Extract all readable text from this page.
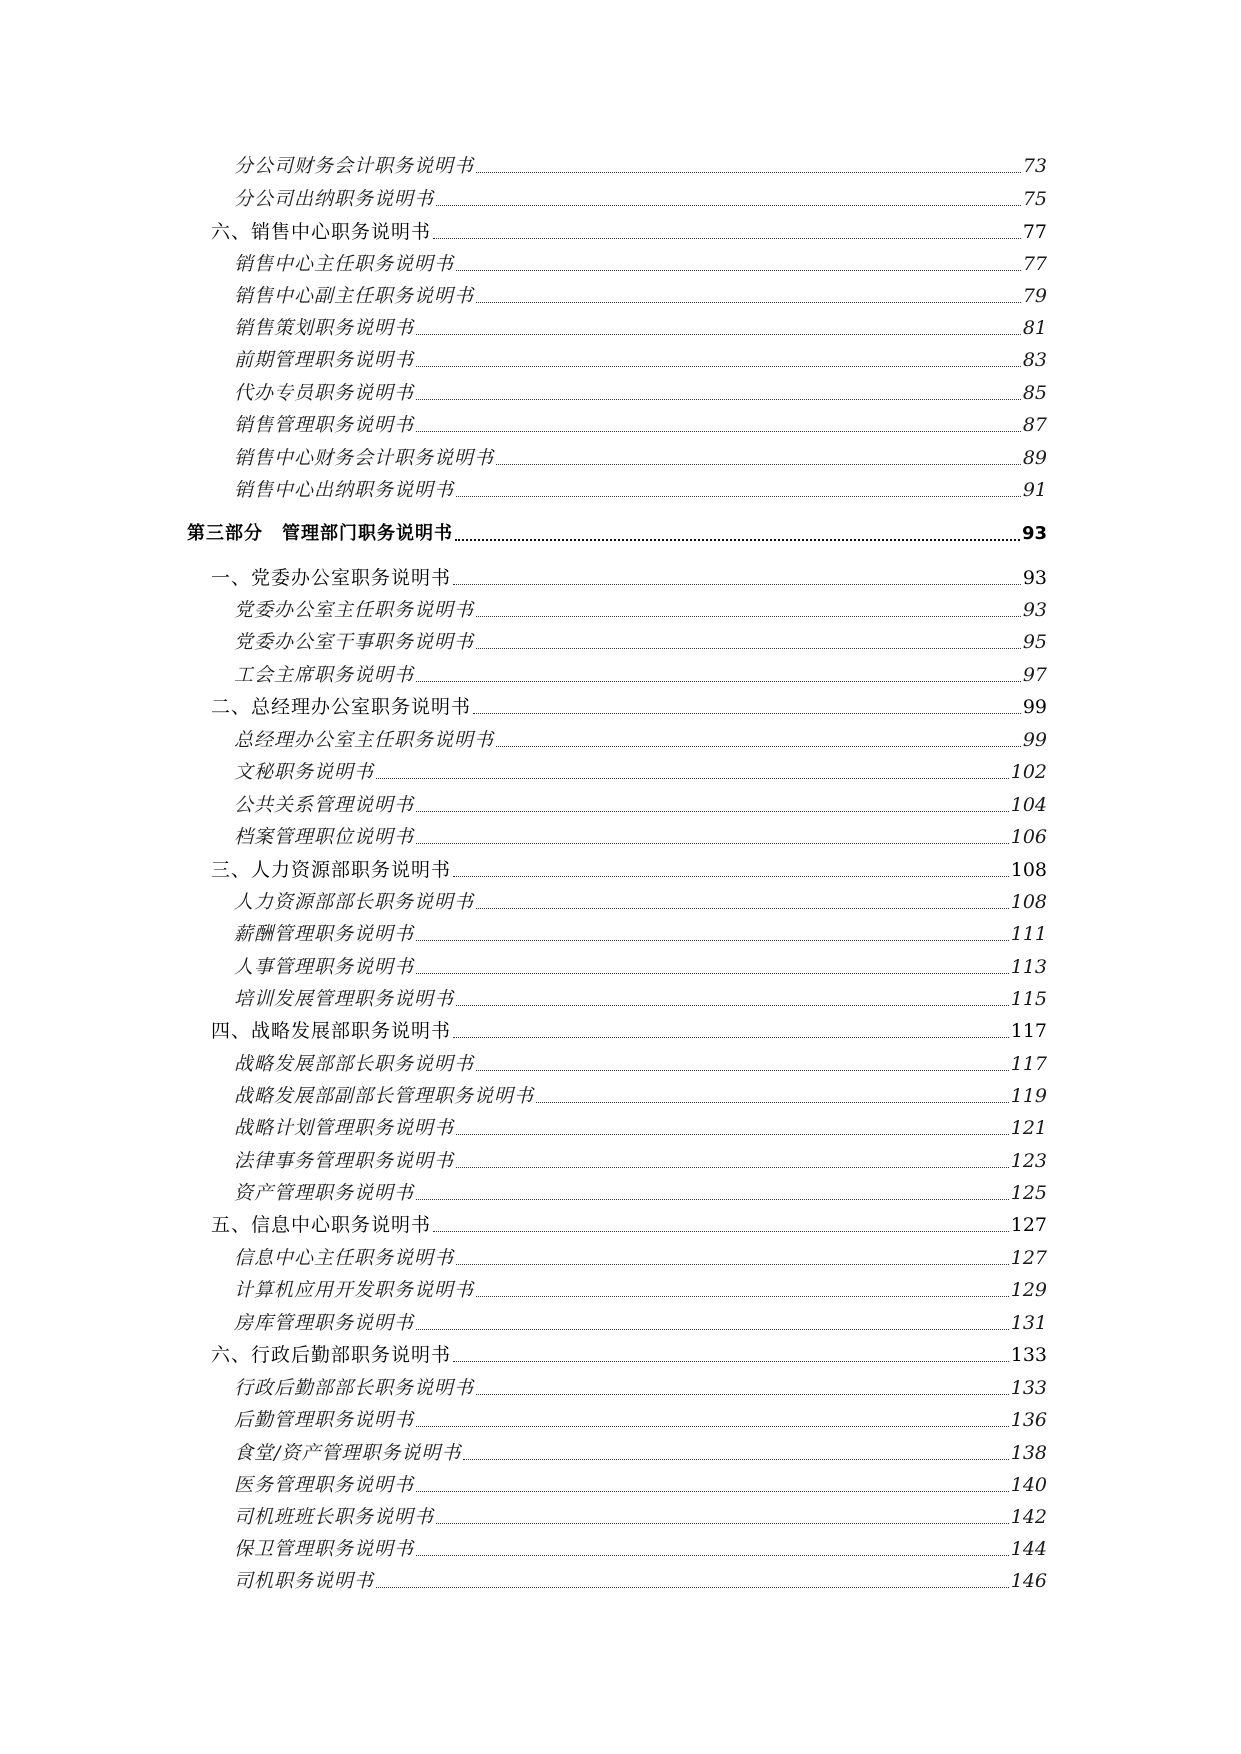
分公司财务会计职务说明书	73
分公司出纳职务说明书	75
六、销售中心职务说明书	77
销售中心主任职务说明书	77
销售中心副主任职务说明书	79
销售策划职务说明书	81
前期管理职务说明书	83
代办专员职务说明书	85
销售管理职务说明书	87
销售中心财务会计职务说明书	89
销售中心出纳职务说明书	91
第三部分　管理部门职务说明书	93
一、党委办公室职务说明书	93
党委办公室主任职务说明书	93
党委办公室干事职务说明书	95
工会主席职务说明书	97
二、总经理办公室职务说明书	99
总经理办公室主任职务说明书	99
文秘职务说明书	102
公共关系管理说明书	104
档案管理职位说明书	106
三、人力资源部职务说明书	108
人力资源部部长职务说明书	108
薪酬管理职务说明书	111
人事管理职务说明书	113
培训发展管理职务说明书	115
四、战略发展部职务说明书	117
战略发展部部长职务说明书	117
战略发展部副部长管理职务说明书	119
战略计划管理职务说明书	121
法律事务管理职务说明书	123
资产管理职务说明书	125
五、信息中心职务说明书	127
信息中心主任职务说明书	127
计算机应用开发职务说明书	129
房库管理职务说明书	131
六、行政后勤部职务说明书	133
行政后勤部部长职务说明书	133
后勤管理职务说明书	136
食堂/资产管理职务说明书	138
医务管理职务说明书	140
司机班班长职务说明书	142
保卫管理职务说明书	144
司机职务说明书	146
